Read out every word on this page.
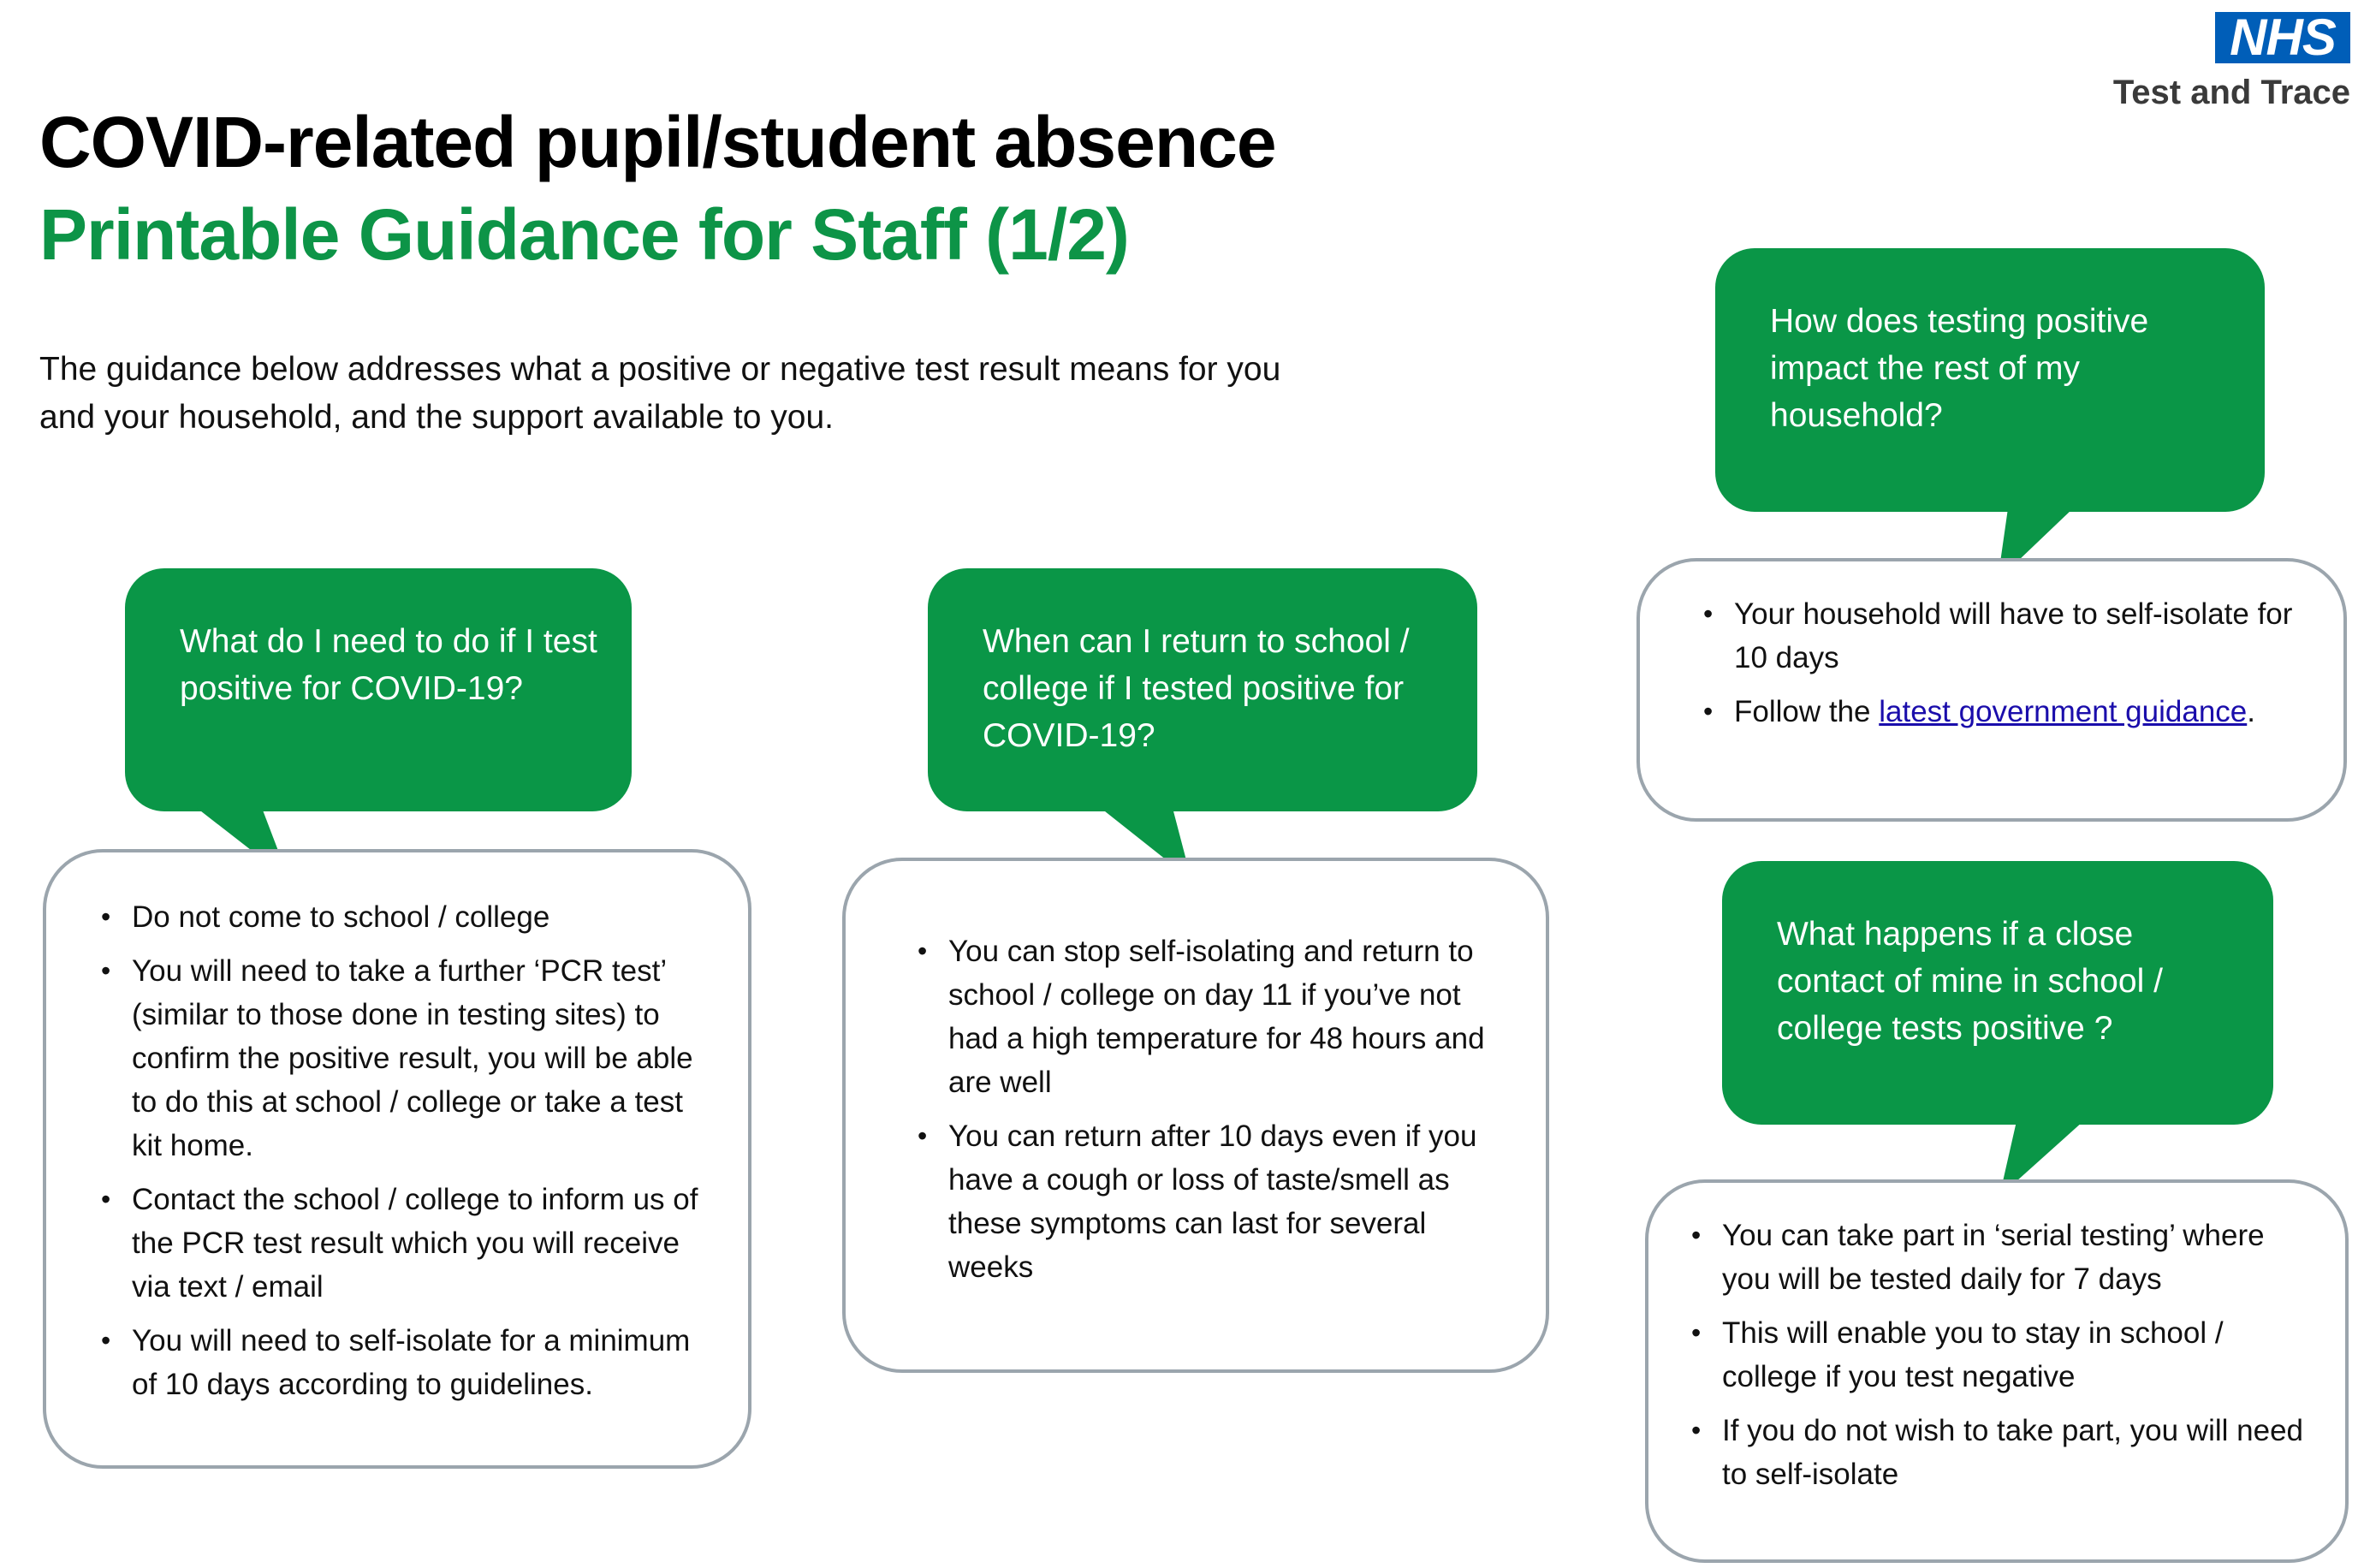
NHS
Test and Trace
COVID-related pupil/student absence
Printable Guidance for Staff (1/2)
The guidance below addresses what a positive or negative test result means for you
and your household, and the support available to you.
What do I need to do if I test positive for COVID-19?
• Do not come to school / college
• You will need to take a further ‘PCR test’ (similar to those done in testing sites) to confirm the positive result, you will be able to do this at school / college or take a test kit home.
• Contact the school / college to inform us of the PCR test result which you will receive via text / email
• You will need to self-isolate for a minimum of 10 days according to guidelines.
When can I return to school / college if I tested positive for COVID-19?
• You can stop self-isolating and return to school / college on day 11 if you’ve not had a high temperature for 48 hours and are well
• You can return after 10 days even if you have a cough or loss of taste/smell as these symptoms can last for several weeks
How does testing positive impact the rest of my household?
• Your household will have to self-isolate for 10 days
• Follow the latest government guidance.
What happens if a close contact of mine in school / college tests positive ?
• You can take part in ‘serial testing’ where you will be tested daily for 7 days
• This will enable you to stay in school / college if you test negative
• If you do not wish to take part, you will need to self-isolate
